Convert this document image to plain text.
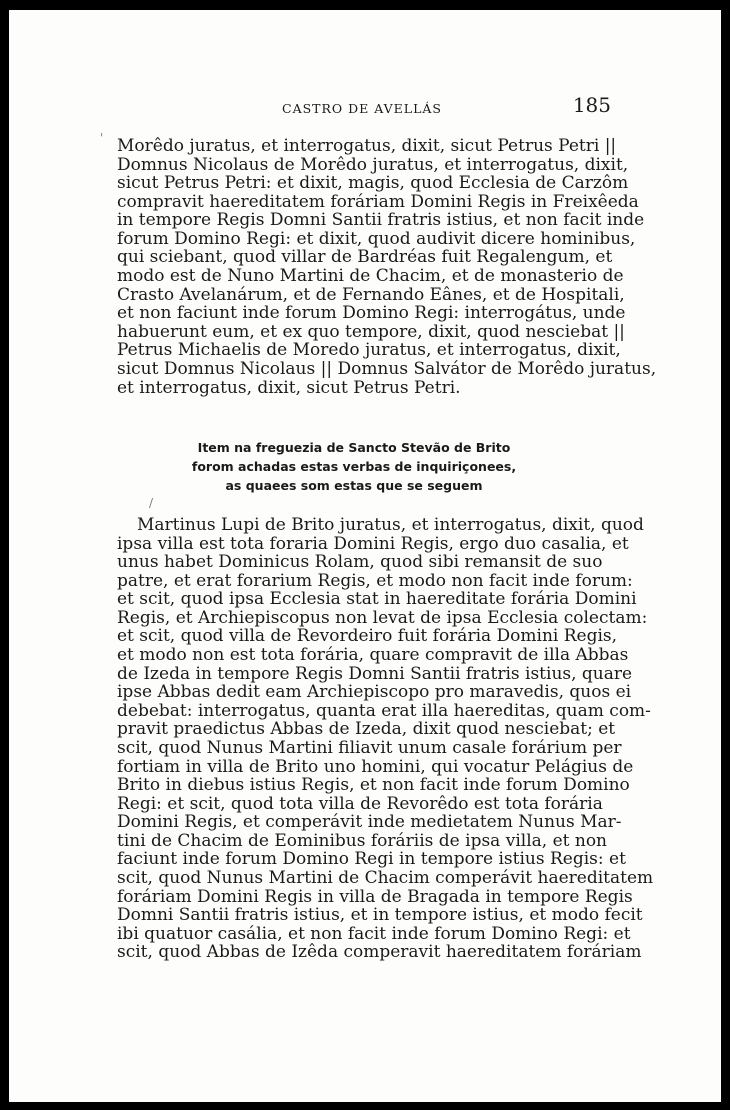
CASTRO DE AVELLÁS	185
Morêdo juratus, et interrogatus, dixit, sicut Petrus Petri ||
Domnus Nicolaus de Morêdo juratus, et interrogatus, dixit,
sicut Petrus Petri: et dixit, magis, quod Ecclesia de Carzôm
compravit haereditatem foráriam Domini Regis in Freixêeda
in tempore Regis Domni Santii fratris istius, et non facit inde
forum Domino Regi: et dixit, quod audivit dicere hominibus,
qui sciebant, quod villar de Bardréas fuit Regalengum, et
modo est de Nuno Martini de Chacim, et de monasterio de
Crasto Avelanárum, et de Fernando Eânes, et de Hospitali,
et non faciunt inde forum Domino Regi: interrogátus, unde
habuerunt eum, et ex quo tempore, dixit, quod nesciebat ||
Petrus Michaelis de Moredo juratus, et interrogatus, dixit,
sicut Domnus Nicolaus || Domnus Salvátor de Morêdo juratus,
et interrogatus, dixit, sicut Petrus Petri.
Item na freguezia de Sancto Stevão de Brito
forom achadas estas verbas de inquiriçonees,
as quaees som estas que se seguem
Martinus Lupi de Brito juratus, et interrogatus, dixit, quod
ipsa villa est tota foraria Domini Regis, ergo duo casalia, et
unus habet Dominicus Rolam, quod sibi remansit de suo
patre, et erat forarium Regis, et modo non facit inde forum:
et scit, quod ipsa Ecclesia stat in haereditate forária Domini
Regis, et Archiepiscopus non levat de ipsa Ecclesia colectam:
et scit, quod villa de Revordeiro fuit forária Domini Regis,
et modo non est tota forária, quare compravit de illa Abbas
de Izeda in tempore Regis Domni Santii fratris istius, quare
ipse Abbas dedit eam Archiepiscopo pro maravedis, quos ei
debebat: interrogatus, quanta erat illa haereditas, quam com-
pravit praedictus Abbas de Izeda, dixit quod nesciebat; et
scit, quod Nunus Martini filiavit unum casale forárium per
fortiam in villa de Brito uno homini, qui vocatur Pelágius de
Brito in diebus istius Regis, et non facit inde forum Domino
Regi: et scit, quod tota villa de Revorêdo est tota forária
Domini Regis, et comperávit inde medietatem Nunus Mar-
tini de Chacim de Eominibus foráriis de ipsa villa, et non
faciunt inde forum Domino Regi in tempore istius Regis: et
scit, quod Nunus Martini de Chacim comperávit haereditatem
foráriam Domini Regis in villa de Bragada in tempore Regis
Domni Santii fratris istius, et in tempore istius, et modo fecit
ibi quatuor casália, et non facit inde forum Domino Regi: et
scit, quod Abbas de Izêda comperavit haereditatem foráriam
'
/
